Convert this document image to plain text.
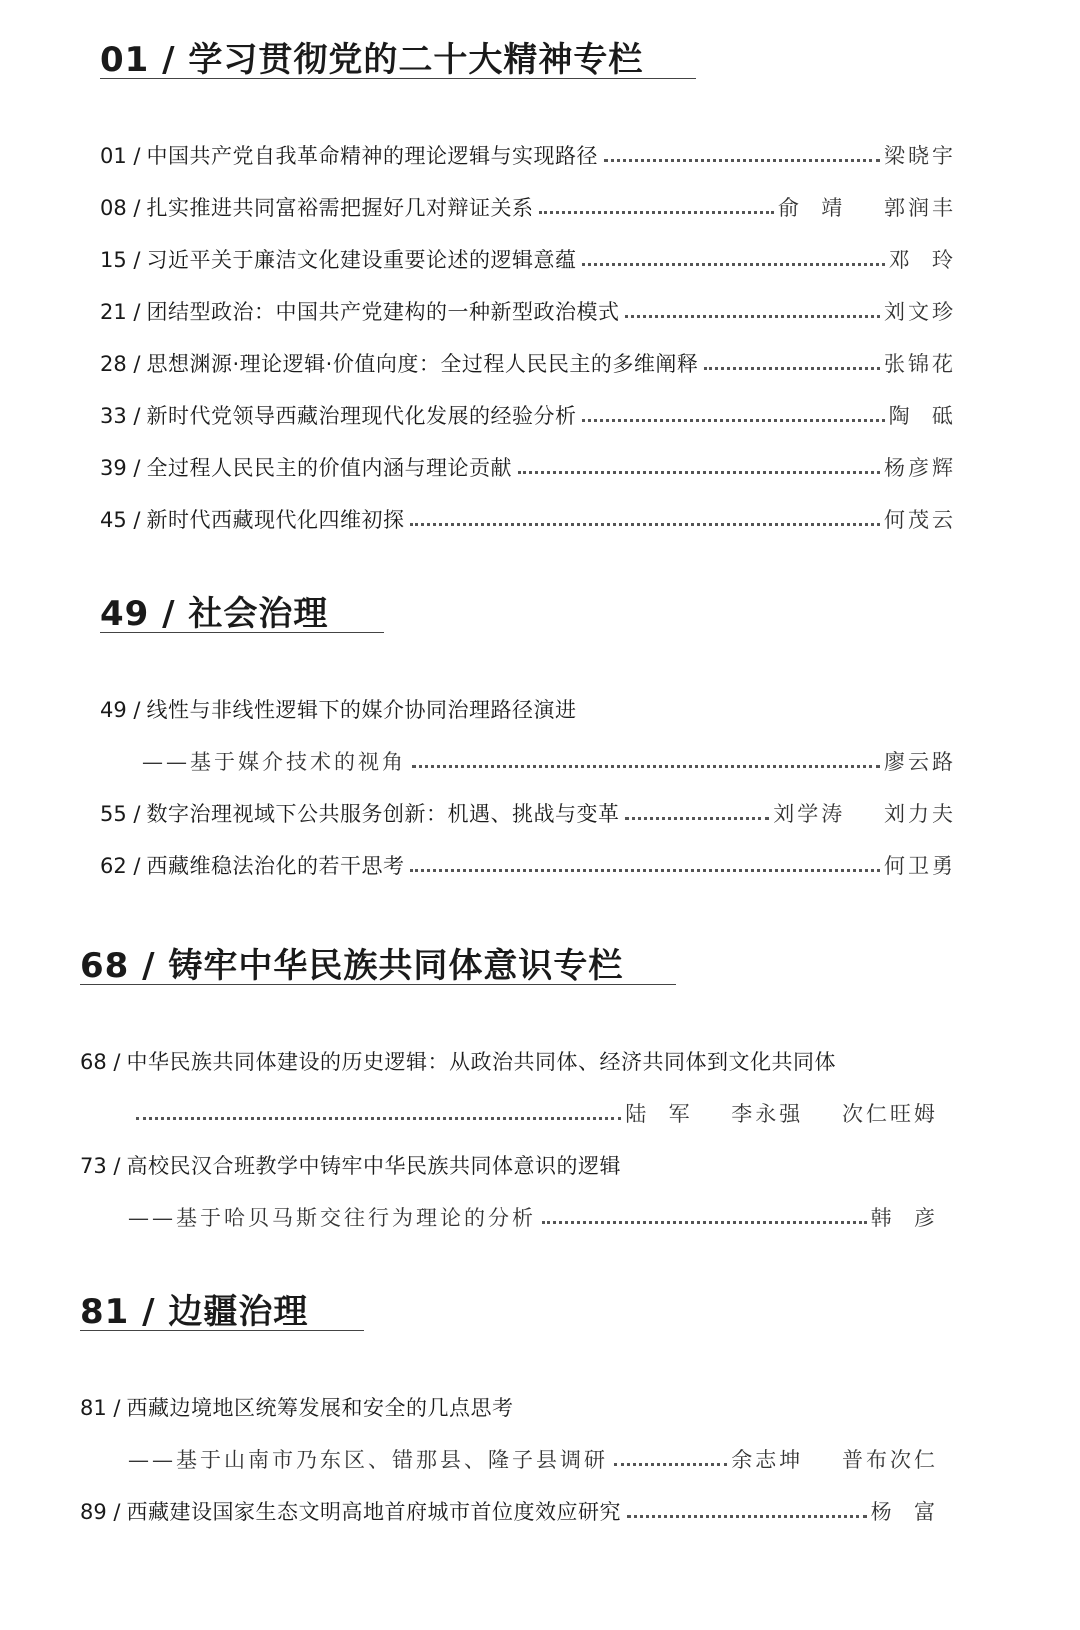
01 / 学习贯彻党的二十大精神专栏
01 / 中国共产党自我革命精神的理论逻辑与实现路径	梁晓宇
08 / 扎实推进共同富裕需把握好几对辩证关系	俞  靖    郭润丰
15 / 习近平关于廉洁文化建设重要论述的逻辑意蕴	邓  玲
21 / 团结型政治：中国共产党建构的一种新型政治模式	刘文珍
28 / 思想渊源·理论逻辑·价值向度：全过程人民民主的多维阐释	张锦花
33 / 新时代党领导西藏治理现代化发展的经验分析	陶  砥
39 / 全过程人民民主的价值内涵与理论贡献	杨彦辉
45 / 新时代西藏现代化四维初探	何茂云
49 / 社会治理
49 / 线性与非线性逻辑下的媒介协同治理路径演进
——基于媒介技术的视角	廖云路
55 / 数字治理视域下公共服务创新：机遇、挑战与变革	刘学涛    刘力夫
62 / 西藏维稳法治化的若干思考	何卫勇
68 / 铸牢中华民族共同体意识专栏
68 / 中华民族共同体建设的历史逻辑：从政治共同体、经济共同体到文化共同体
陆  军    李永强    次仁旺姆
73 / 高校民汉合班教学中铸牢中华民族共同体意识的逻辑
——基于哈贝马斯交往行为理论的分析	韩  彦
81 / 边疆治理
81 / 西藏边境地区统筹发展和安全的几点思考
——基于山南市乃东区、错那县、隆子县调研	余志坤    普布次仁
89 / 西藏建设国家生态文明高地首府城市首位度效应研究	杨  富
